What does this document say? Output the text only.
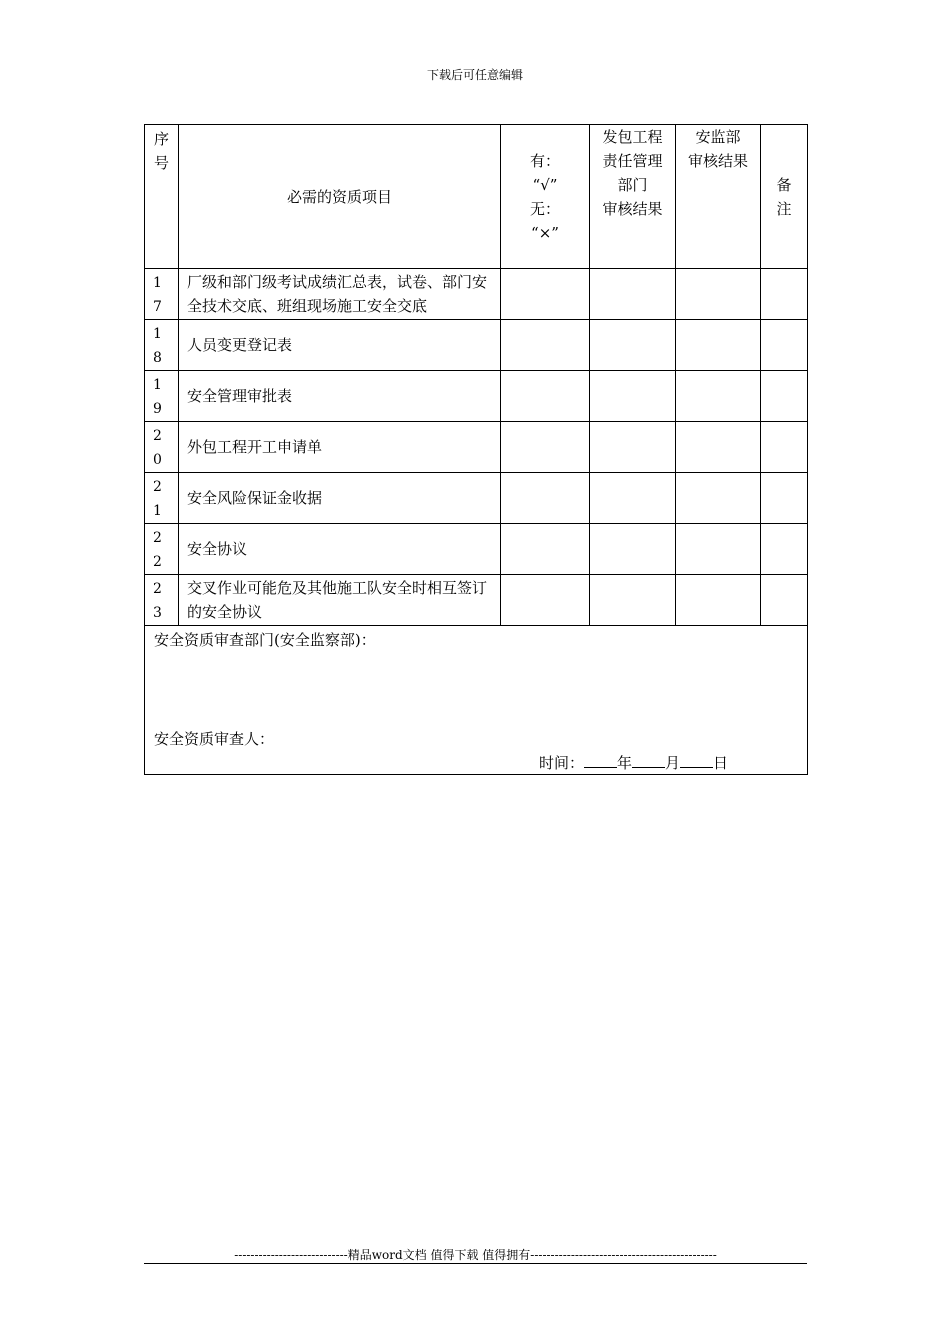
下载后可任意编辑
序
号	必需的资质项目	有：
“√”
无：
“×”	发包工程
责任管理
部门
审核结果	安监部
审核结果	备
注

1
7	厂级和部门级考试成绩汇总表，试卷、部门安全技术交底、班组现场施工安全交底				

1
8	人员变更登记表				

1
9	安全管理审批表				

2
0	外包工程开工申请单				

2
1	安全风险保证金收据				

2
2	安全协议				

2
3	交叉作业可能危及其他施工队安全时相互签订的安全协议				

安全资质审查部门(安全监察部)：
安全资质审查人：
时间： 年 月 日					
----------------------------精品word文档 值得下载 值得拥有----------------------------------------------
